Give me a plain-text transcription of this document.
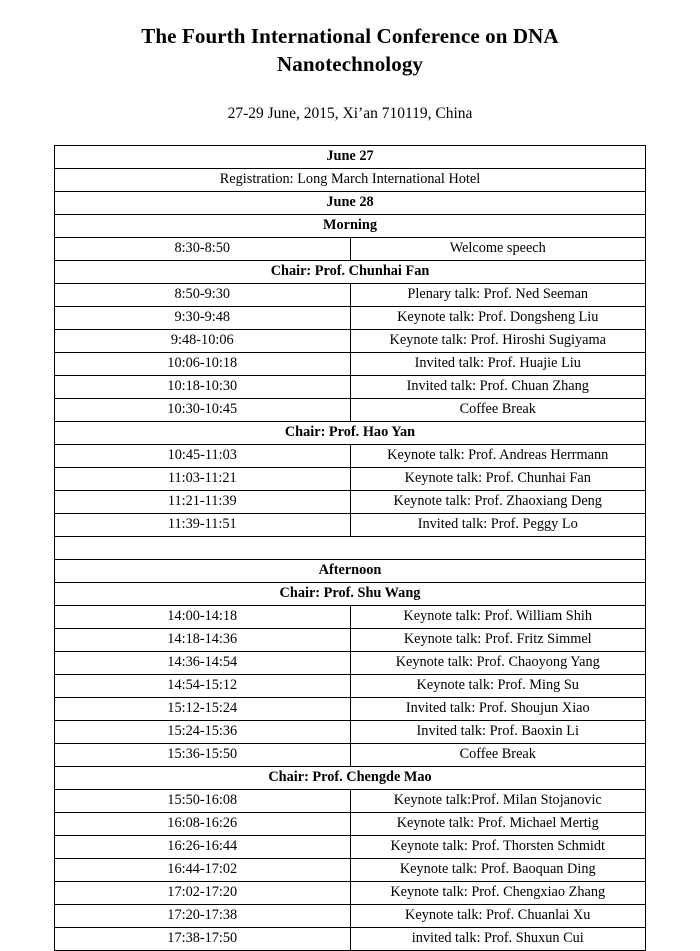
The Fourth International Conference on DNA Nanotechnology
27-29 June, 2015, Xi’an 710119, China
June 27	
Registration: Long March International Hotel	
June 28	
Morning	
8:30-8:50	Welcome speech
Chair: Prof. Chunhai Fan	
8:50-9:30	Plenary talk: Prof. Ned Seeman
9:30-9:48	Keynote talk: Prof. Dongsheng Liu
9:48-10:06	Keynote talk: Prof. Hiroshi Sugiyama
10:06-10:18	Invited talk: Prof. Huajie Liu
10:18-10:30	Invited talk: Prof. Chuan Zhang
10:30-10:45	Coffee Break
Chair: Prof. Hao Yan	
10:45-11:03	Keynote talk: Prof. Andreas Herrmann
11:03-11:21	Keynote talk: Prof. Chunhai Fan
11:21-11:39	Keynote talk: Prof. Zhaoxiang Deng
11:39-11:51	Invited talk: Prof. Peggy Lo

Afternoon	
Chair: Prof. Shu Wang	
14:00-14:18	Keynote talk: Prof. William Shih
14:18-14:36	Keynote talk: Prof. Fritz Simmel
14:36-14:54	Keynote talk: Prof. Chaoyong Yang
14:54-15:12	Keynote talk: Prof. Ming Su
15:12-15:24	Invited talk: Prof. Shoujun Xiao
15:24-15:36	Invited talk: Prof. Baoxin Li
15:36-15:50	Coffee Break
Chair: Prof. Chengde Mao	
15:50-16:08	Keynote talk:Prof. Milan Stojanovic
16:08-16:26	Keynote talk: Prof. Michael Mertig
16:26-16:44	Keynote talk: Prof. Thorsten Schmidt
16:44-17:02	Keynote talk: Prof. Baoquan Ding
17:02-17:20	Keynote talk: Prof. Chengxiao Zhang
17:20-17:38	Keynote talk: Prof. Chuanlai Xu
17:38-17:50	invited talk: Prof. Shuxun Cui
